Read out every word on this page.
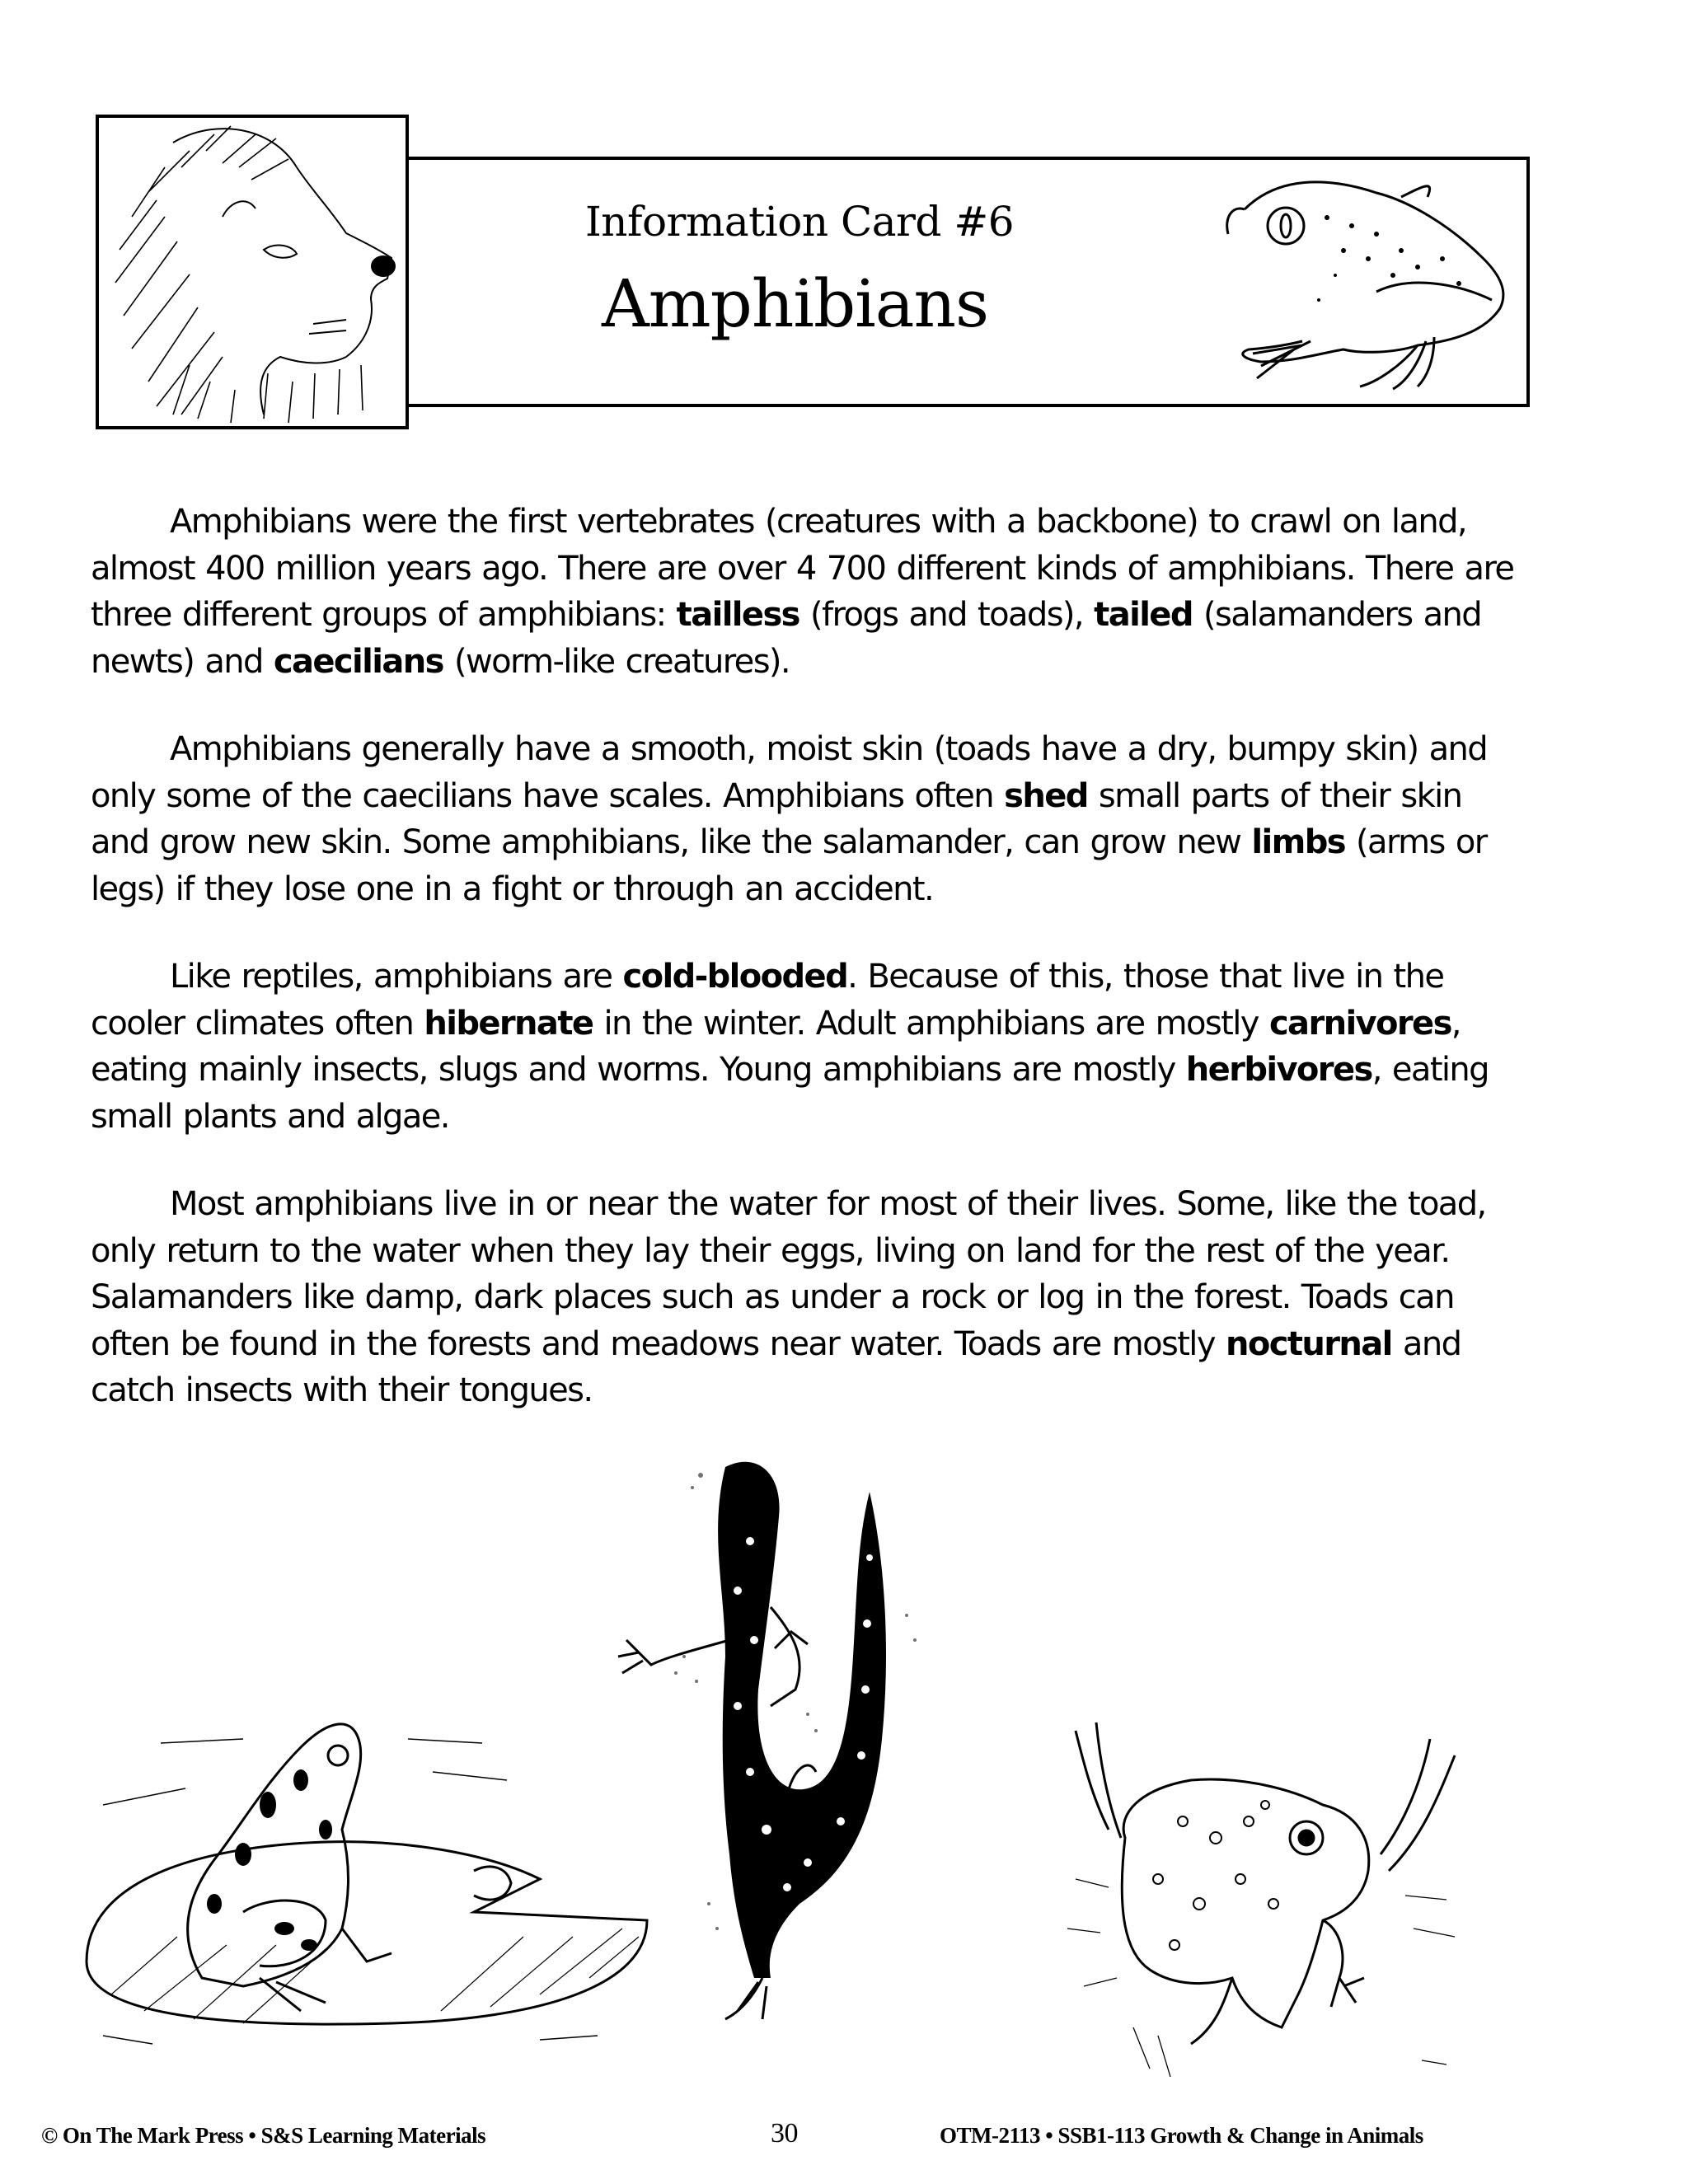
Information Card #6
Amphibians

Amphibians were the first vertebrates (creatures with a backbone) to crawl on land, almost 400 million years ago. There are over 4 700 different kinds of amphibians. There are three different groups of amphibians: tailless (frogs and toads), tailed (salamanders and newts) and caecilians (worm-like creatures).

Amphibians generally have a smooth, moist skin (toads have a dry, bumpy skin) and only some of the caecilians have scales. Amphibians often shed small parts of their skin and grow new skin. Some amphibians, like the salamander, can grow new limbs (arms or legs) if they lose one in a fight or through an accident.

Like reptiles, amphibians are cold-blooded. Because of this, those that live in the cooler climates often hibernate in the winter. Adult amphibians are mostly carnivores, eating mainly insects, slugs and worms. Young amphibians are mostly herbivores, eating small plants and algae.

Most amphibians live in or near the water for most of their lives. Some, like the toad, only return to the water when they lay their eggs, living on land for the rest of the year. Salamanders like damp, dark places such as under a rock or log in the forest. Toads can often be found in the forests and meadows near water. Toads are mostly nocturnal and catch insects with their tongues.

© On The Mark Press • S&S Learning Materials	30	OTM-2113 • SSB1-113 Growth & Change in Animals
